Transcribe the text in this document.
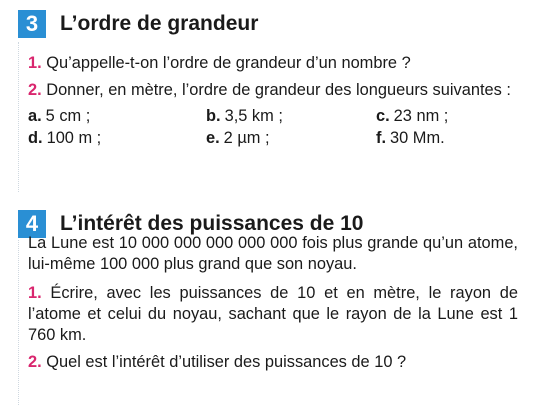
3	L’ordre de grandeur

1. Qu’appelle-t-on l’ordre de grandeur d’un nombre ?

2. Donner, en mètre, l’ordre de grandeur des longueurs suivantes :

a. 5 cm ;	b. 3,5 km ;	c. 23 nm ;
d. 100 m ;	e. 2 µm ;	f. 30 Mm.
4	L’intérêt des puissances de 10

La Lune est 10 000 000 000 000 000 fois plus grande qu’un atome, lui-même 100 000 plus grand que son noyau.

1. Écrire, avec les puissances de 10 et en mètre, le rayon de l’atome et celui du noyau, sachant que le rayon de la Lune est 1 760 km.

2. Quel est l’intérêt d’utiliser des puissances de 10 ?
